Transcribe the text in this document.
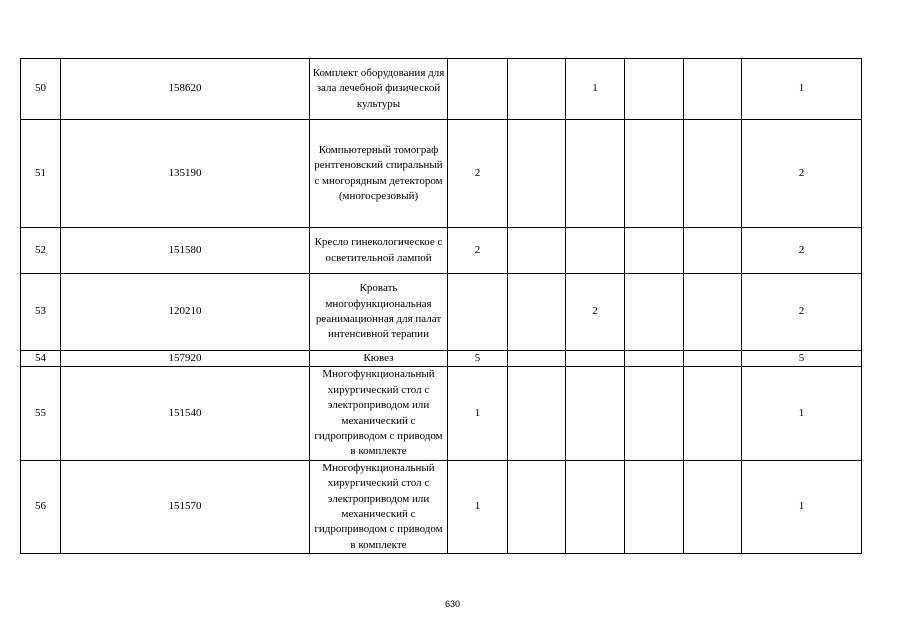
50	158620	Комплект оборудования для зала лечебной физической культуры			1			1
51	135190	Компьютерный томограф рентгеновский спиральный с многорядным детектором (многосрезовый)	2					2
52	151580	Кресло гинекологическое с осветительной лампой	2					2
53	120210	Кровать многофункциональная реанимационная для палат интенсивной терапии			2			2
54	157920	Кювез	5					5
55	151540	Многофункциональный хирургический стол с электроприводом или механический с гидроприводом с приводом в комплекте	1					1
56	151570	Многофункциональный хирургический стол с электроприводом или механический с гидроприводом с приводом в комплекте	1					1
630
